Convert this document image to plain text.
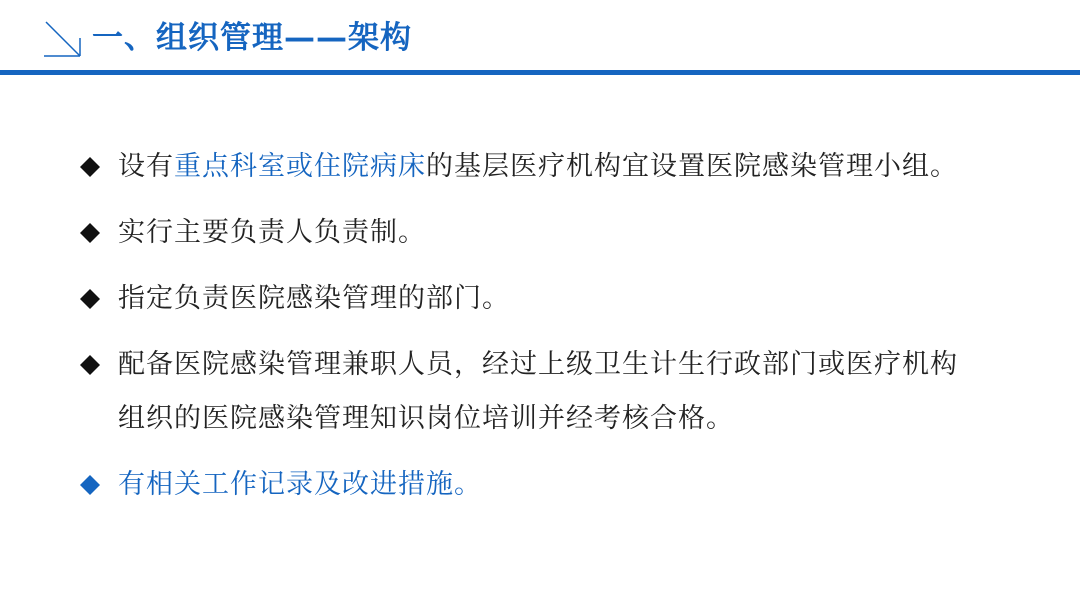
一、组织管理——架构
设有重点科室或住院病床的基层医疗机构宜设置医院感染管理小组。
实行主要负责人负责制。
指定负责医院感染管理的部门。
配备医院感染管理兼职人员，经过上级卫生计生行政部门或医疗机构
组织的医院感染管理知识岗位培训并经考核合格。
有相关工作记录及改进措施。
